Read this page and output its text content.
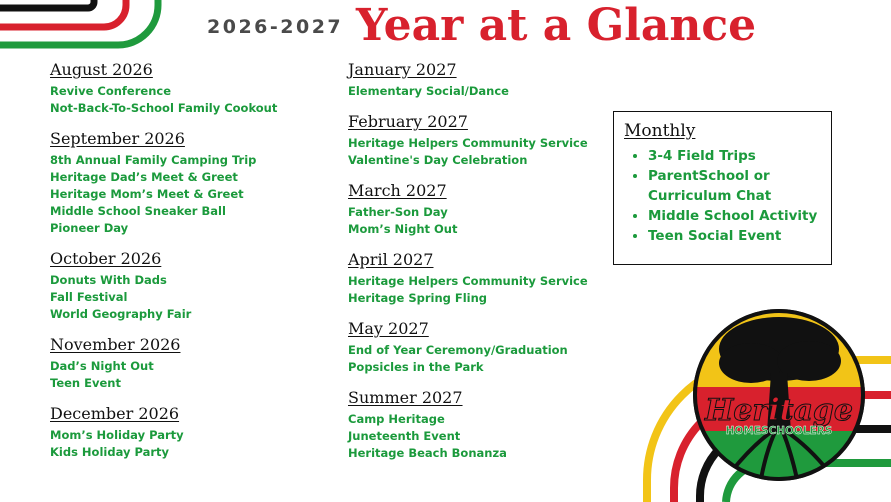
2026-2027 Year at a Glance
August 2026
Revive Conference
Not-Back-To-School Family Cookout
September 2026
8th Annual Family Camping Trip
Heritage Dad’s Meet & Greet
Heritage Mom’s Meet & Greet
Middle School Sneaker Ball
Pioneer Day
October 2026
Donuts With Dads
Fall Festival
World Geography Fair
November 2026
Dad’s Night Out
Teen Event
December 2026
Mom’s Holiday Party
Kids Holiday Party
January 2027
Elementary Social/Dance
February 2027
Heritage Helpers Community Service
Valentine's Day Celebration
March 2027
Father-Son Day
Mom’s Night Out
April 2027
Heritage Helpers Community Service
Heritage Spring Fling
May 2027
End of Year Ceremony/Graduation
Popsicles in the Park
Summer 2027
Camp Heritage
Juneteenth Event
Heritage Beach Bonanza
Monthly
• 3-4 Field Trips
• ParentSchool or Curriculum Chat
• Middle School Activity
• Teen Social Event
Heritage
HOMESCHOOLERS
